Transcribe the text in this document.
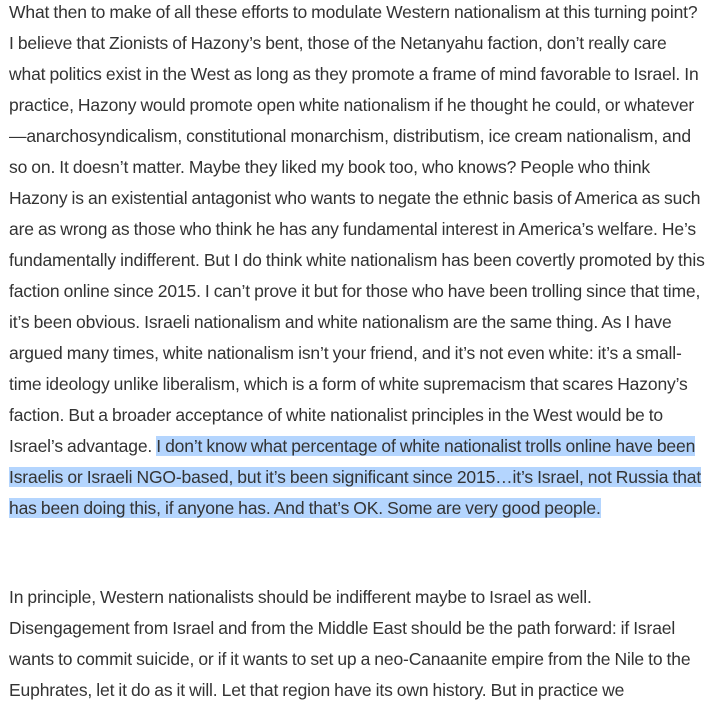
What then to make of all these efforts to modulate Western nationalism at this turning point? I believe that Zionists of Hazony’s bent, those of the Netanyahu faction, don’t really care what politics exist in the West as long as they promote a frame of mind favorable to Israel. In practice, Hazony would promote open white nationalism if he thought he could, or whatever—anarchosyndicalism, constitutional monarchism, distributism, ice cream nationalism, and so on. It doesn’t matter. Maybe they liked my book too, who knows? People who think Hazony is an existential antagonist who wants to negate the ethnic basis of America as such are as wrong as those who think he has any fundamental interest in America’s welfare. He’s fundamentally indifferent. But I do think white nationalism has been covertly promoted by this faction online since 2015. I can’t prove it but for those who have been trolling since that time, it’s been obvious. Israeli nationalism and white nationalism are the same thing. As I have argued many times, white nationalism isn’t your friend, and it’s not even white: it’s a small-time ideology unlike liberalism, which is a form of white supremacism that scares Hazony’s faction. But a broader acceptance of white nationalist principles in the West would be to Israel’s advantage. I don’t know what percentage of white nationalist trolls online have been Israelis or Israeli NGO-based, but it’s been significant since 2015…it’s Israel, not Russia that has been doing this, if anyone has. And that’s OK. Some are very good people.

In principle, Western nationalists should be indifferent maybe to Israel as well. Disengagement from Israel and from the Middle East should be the path forward: if Israel wants to commit suicide, or if it wants to set up a neo-Canaanite empire from the Nile to the Euphrates, let it do as it will. Let that region have its own history. But in practice we
